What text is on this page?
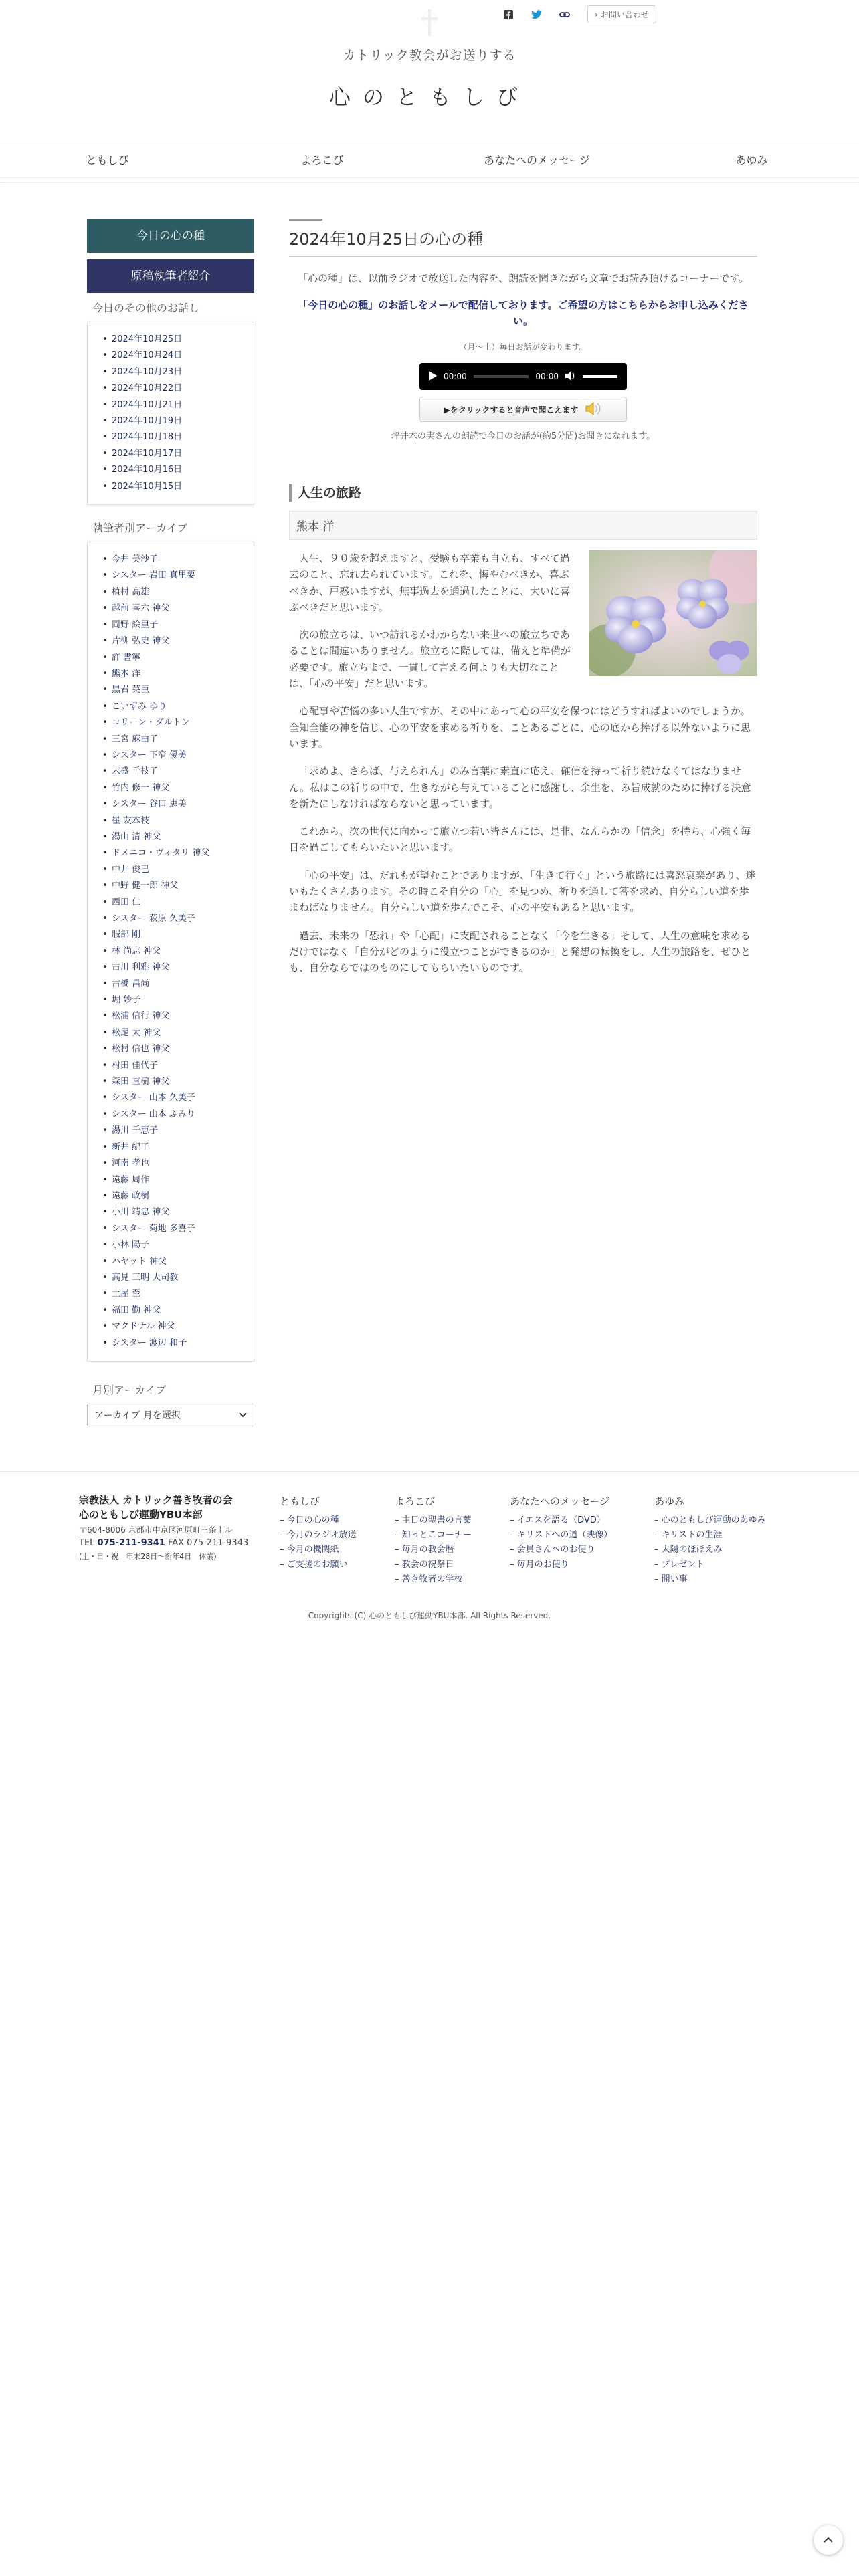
› お問い合わせ
カトリック教会がお送りする
心のともしび
ともしび	よろこび	あなたへのメッセージ	あゆみ
今日の心の種
原稿執筆者紹介
今日のその他のお話し
• 2024年10月25日
• 2024年10月24日
• 2024年10月23日
• 2024年10月22日
• 2024年10月21日
• 2024年10月19日
• 2024年10月18日
• 2024年10月17日
• 2024年10月16日
• 2024年10月15日
執筆者別アーカイブ
• 今井 美沙子
• シスター 岩田 真里要
• 植村 高雄
• 越前 喜六 神父
• 岡野 絵里子
• 片柳 弘史 神父
• 許 書寧
• 熊本 洋
• 黒岩 英臣
• こいずみ ゆり
• コリーン・ダルトン
• 三宮 麻由子
• シスター 下窄 優美
• 末盛 千枝子
• 竹内 修一 神父
• シスター 谷口 恵美
• 崔 友本枝
• 湯山 清 神父
• ドメニコ・ヴィタリ 神父
• 中井 俊已
• 中野 健一郎 神父
• 西田 仁
• シスター 萩原 久美子
• 服部 剛
• 林 尚志 神父
• 古川 利雅 神父
• 古橋 昌尚
• 堀 妙子
• 松浦 信行 神父
• 松尾 太 神父
• 松村 信也 神父
• 村田 佳代子
• 森田 直樹 神父
• シスター 山本 久美子
• シスター 山本 ふみり
• 湯川 千恵子
• 新井 紀子
• 河南 孝也
• 遠藤 周作
• 遠藤 政樹
• 小川 靖忠 神父
• シスター 菊地 多喜子
• 小林 陽子
• ハヤット 神父
• 高見 三明 大司教
• 土屋 至
• 福田 勤 神父
• マクドナル 神父
• シスター 渡辺 和子
月別アーカイブ
アーカイブ 月を選択
2024年10月25日の心の種

「心の種」は、以前ラジオで放送した内容を、朗読を聞きながら文章でお読み頂けるコーナーです。

「今日の心の種」のお話しをメールで配信しております。ご希望の方はこちらからお申し込みください。

（月〜土）毎日お話が変わります。

00:00	00:00
▶をクリックすると音声で聞こえます

坪井木の実さんの朗読で今日のお話が(約5分間)お聞きになれます。

人生の旅路
熊本 洋

人生、９０歳を超えますと、受験も卒業も自立も、すべて過去のこと、忘れ去られています。これを、悔やむべきか、喜ぶべきか、戸惑いますが、無事過去を通過したことに、大いに喜ぶべきだと思います。

次の旅立ちは、いつ訪れるかわからない来世への旅立ちであることは間違いありません。旅立ちに際しては、備えと準備が必要です。旅立ちまで、一貫して言える何よりも大切なことは、「心の平安」だと思います。

心配事や苦悩の多い人生ですが、その中にあって心の平安を保つにはどうすればよいのでしょうか。全知全能の神を信じ、心の平安を求める祈りを、ことあるごとに、心の底から捧げる以外ないように思います。

「求めよ、さらば、与えられん」のみ言葉に素直に応え、確信を持って祈り続けなくてはなりません。私はこの祈りの中で、生きながら与えていることに感謝し、余生を、み旨成就のために捧げる決意を新たにしなければならないと思っています。

これから、次の世代に向かって旅立つ若い皆さんには、是非、なんらかの「信念」を持ち、心強く毎日を過ごしてもらいたいと思います。

「心の平安」は、だれもが望むことでありますが、「生きて行く」という旅路には喜怒哀楽があり、迷いもたくさんあります。その時こそ自分の「心」を見つめ、祈りを通して答を求め、自分らしい道を歩まねばなりません。自分らしい道を歩んでこそ、心の平安もあると思います。

過去、未来の「恐れ」や「心配」に支配されることなく「今を生きる」そして、人生の意味を求めるだけではなく「自分がどのように役立つことができるのか」と発想の転換をし、人生の旅路を、ぜひとも、自分ならではのものにしてもらいたいものです。

宗教法人 カトリック善き牧者の会
心のともしび運動YBU本部
〒604-8006 京都市中京区河原町三条上ル
TEL 075-211-9341 FAX 075-211-9343
(土・日・祝　年末28日〜新年4日　休業)
ともしび
– 今日の心の種
– 今月のラジオ放送
– 今月の機関紙
– ご支援のお願い
よろこび
– 主日の聖書の言葉
– 知っとこコーナー
– 毎月の教会暦
– 教会の祝祭日
– 善き牧者の学校
あなたへのメッセージ
– イエスを語る（DVD）
– キリストへの道（映像）
– 会員さんへのお便り
– 毎月のお便り
あゆみ
– 心のともしび運動のあゆみ
– キリストの生涯
– 太陽のほほえみ
– プレゼント
– 開い事
Copyrights (C) 心のともしび運動YBU本部. All Rights Reserved.
